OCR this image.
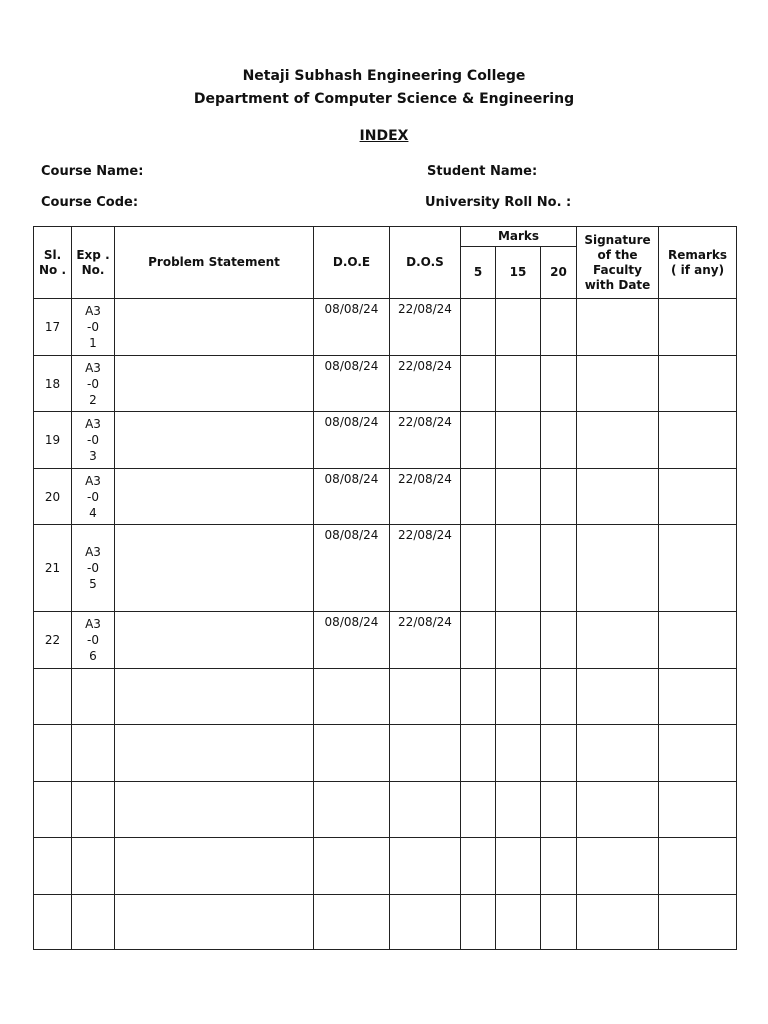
Netaji Subhash Engineering College
Department of Computer Science & Engineering
INDEX
Course Name:	Student Name:
Course Code:	University Roll No. :
Sl. No .	Exp . No.	Problem Statement	D.O.E	D.O.S	Marks			Signature of the Faculty with Date	Remarks ( if any)
					5	15	20		
17	A3-01		08/08/24	22/08/24					
18	A3-02		08/08/24	22/08/24					
19	A3-03		08/08/24	22/08/24					
20	A3-04		08/08/24	22/08/24					
21	A3-05		08/08/24	22/08/24					
22	A3-06		08/08/24	22/08/24					
